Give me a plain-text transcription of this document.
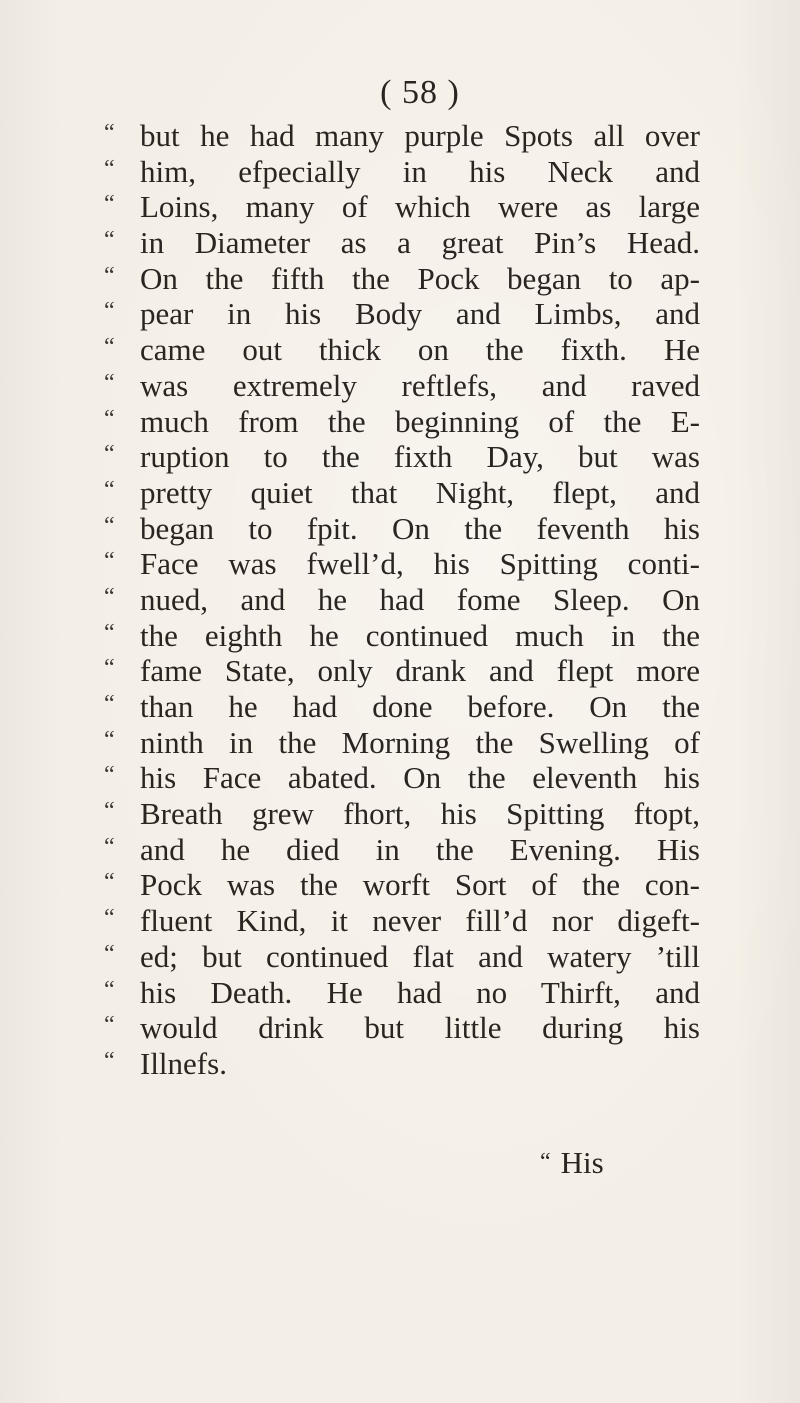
( 58 )
“ but he had many purple Spots all over
“ him, efpecially in his Neck and
“ Loins, many of which were as large
“ in Diameter as a great Pin’s Head.
“ On the fifth the Pock began to ap-
“ pear in his Body and Limbs, and
“ came out thick on the fixth. He
“ was extremely reftlefs, and raved
“ much from the beginning of the E-
“ ruption to the fixth Day, but was
“ pretty quiet that Night, flept, and
“ began to fpit. On the feventh his
“ Face was fwell’d, his Spitting conti-
“ nued, and he had fome Sleep. On
“ the eighth he continued much in the
“ fame State, only drank and flept more
“ than he had done before. On the
“ ninth in the Morning the Swelling of
“ his Face abated. On the eleventh his
“ Breath grew fhort, his Spitting ftopt,
“ and he died in the Evening. His
“ Pock was the worft Sort of the con-
“ fluent Kind, it never fill’d nor digeft-
“ ed; but continued flat and watery ’till
“ his Death. He had no Thirft, and
“ would drink but little during his
“ Illnefs.
“ His
